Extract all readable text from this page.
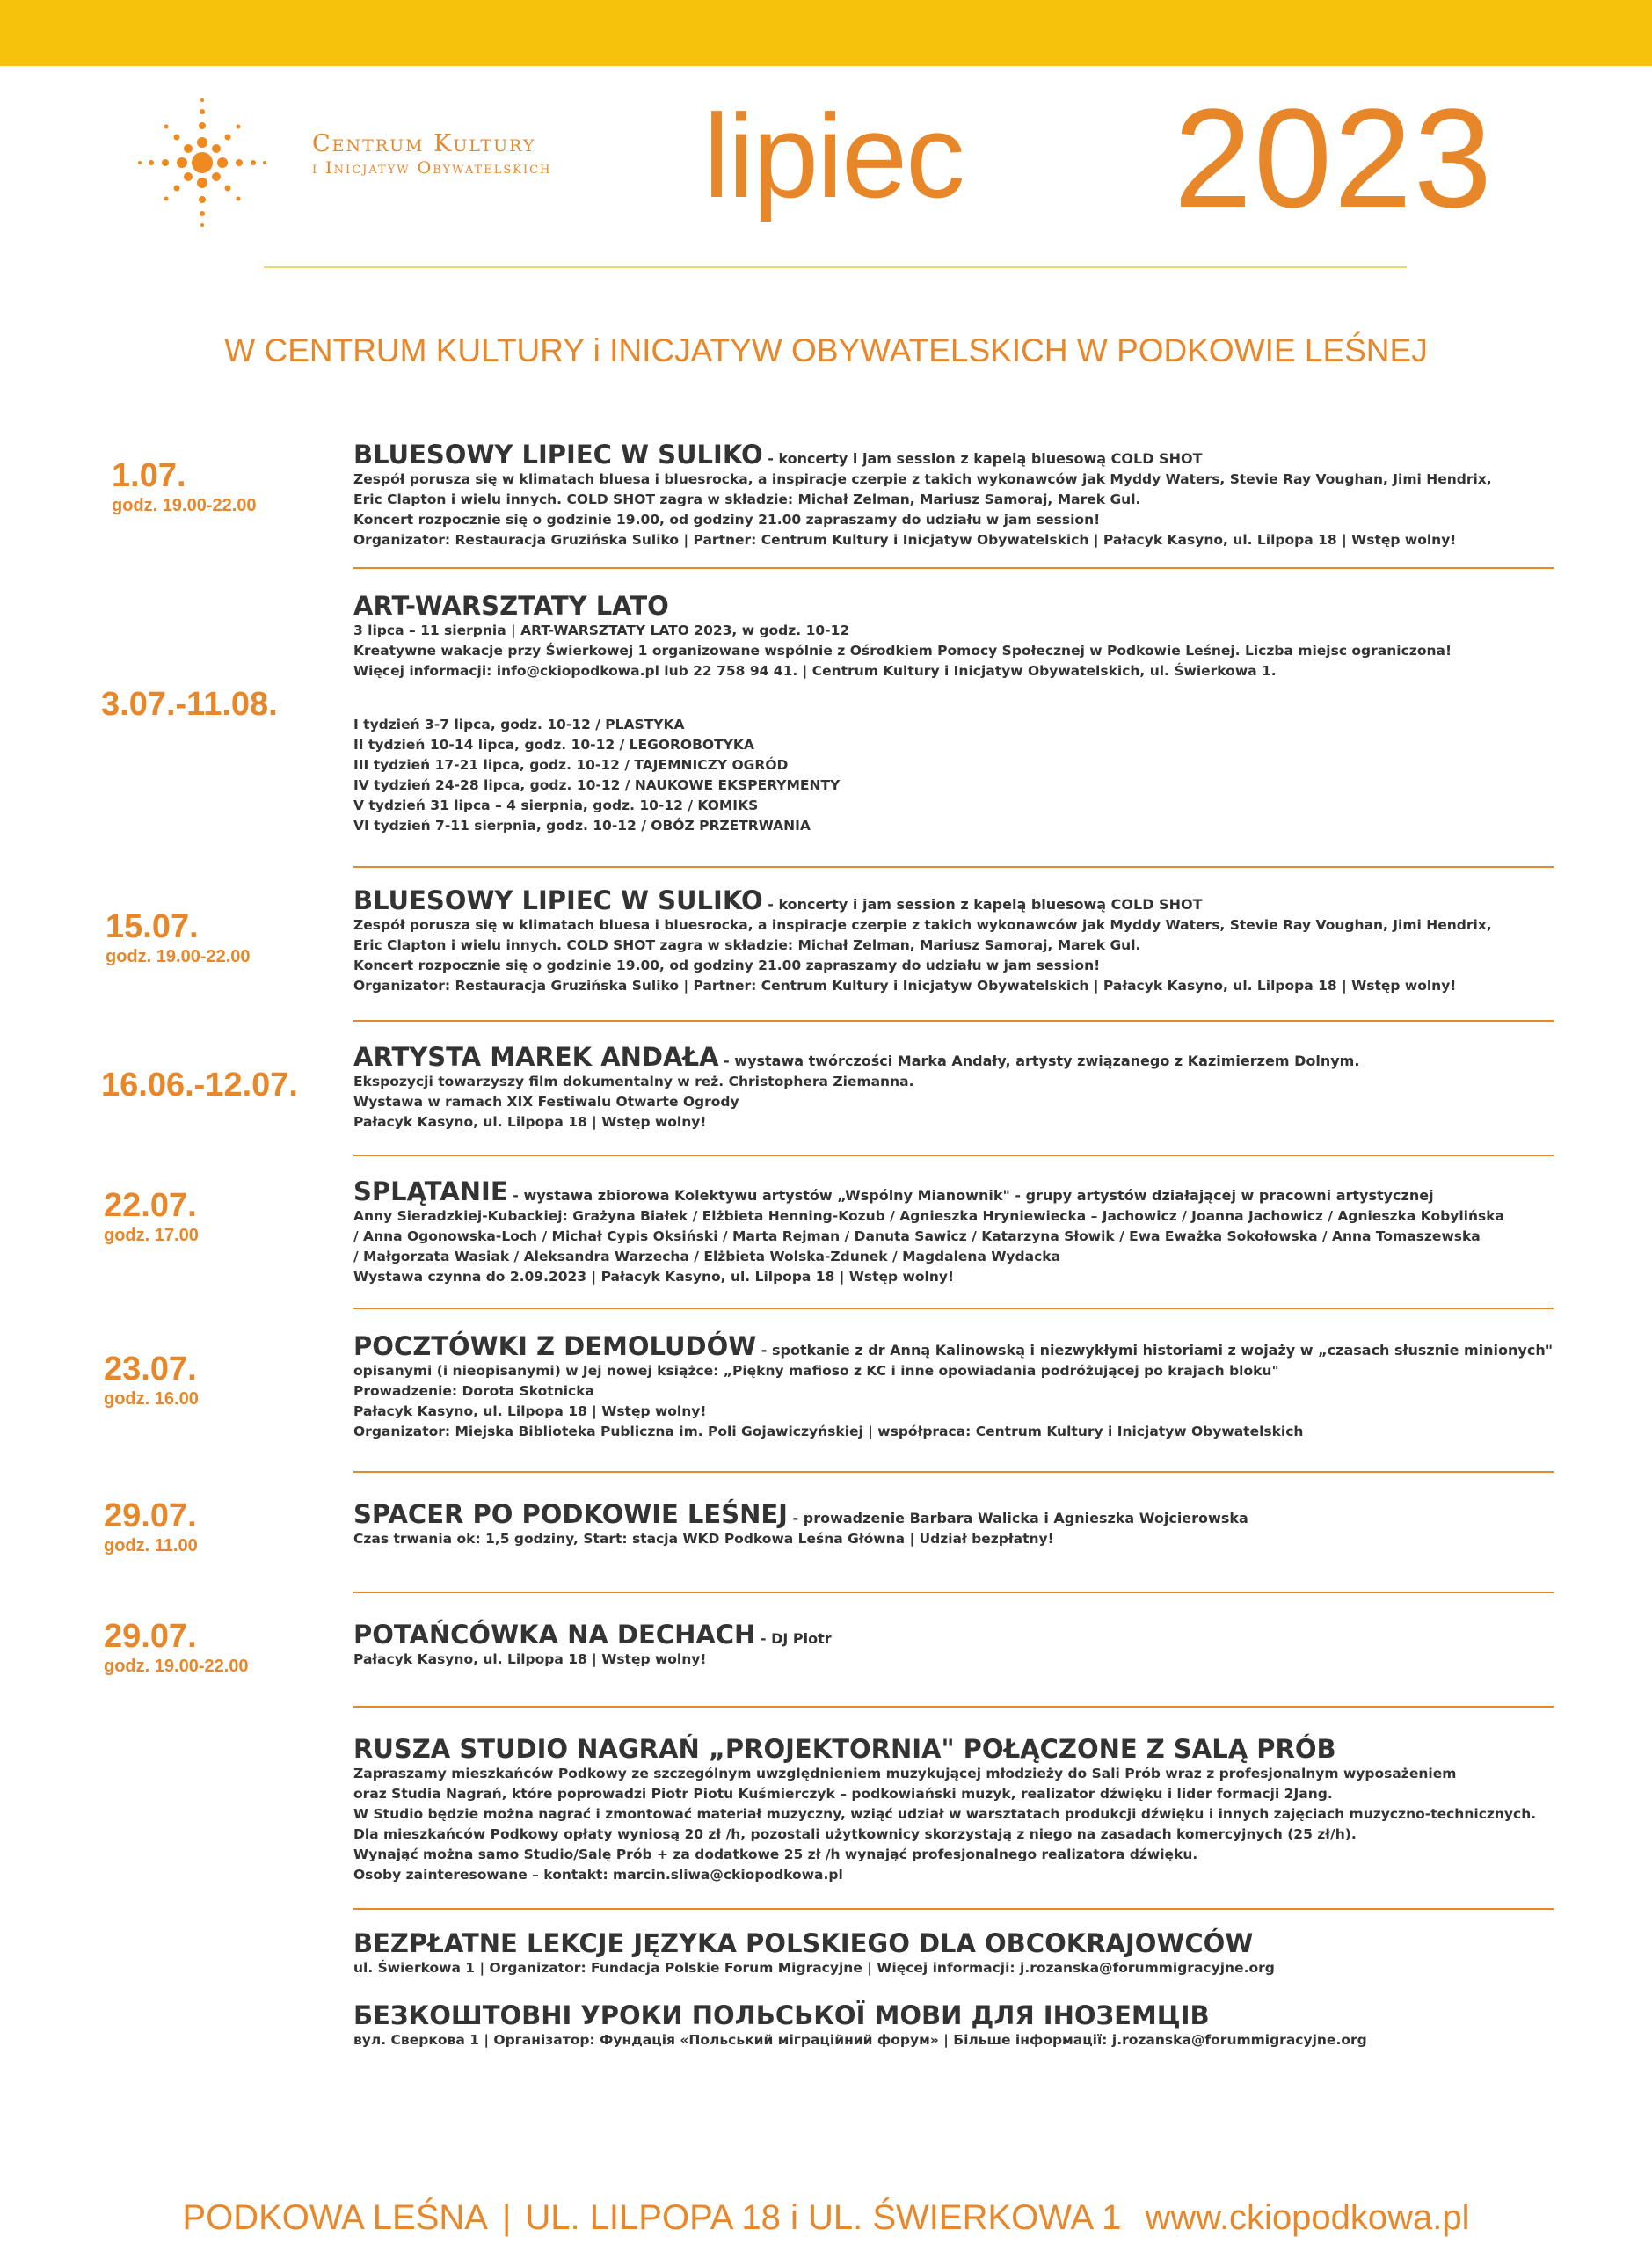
Centrum Kultury
i Inicjatyw Obywatelskich lipiec 2023
W CENTRUM KULTURY i INICJATYW OBYWATELSKICH W PODKOWIE LEŚNEJ
1.07.
godz. 19.00-22.00
BLUESOWY LIPIEC W SULIKO - koncerty i jam session z kapelą bluesową COLD SHOT
Zespół porusza się w klimatach bluesa i bluesrocka, a inspiracje czerpie z takich wykonawców jak Myddy Waters, Stevie Ray Voughan, Jimi Hendrix,
Eric Clapton i wielu innych. COLD SHOT zagra w składzie: Michał Zelman, Mariusz Samoraj, Marek Gul.
Koncert rozpocznie się o godzinie 19.00, od godziny 21.00 zapraszamy do udziału w jam session!
Organizator: Restauracja Gruzińska Suliko | Partner: Centrum Kultury i Inicjatyw Obywatelskich | Pałacyk Kasyno, ul. Lilpopa 18 | Wstęp wolny!
3.07.-11.08.
ART-WARSZTATY LATO
3 lipca – 11 sierpnia | ART-WARSZTATY LATO 2023, w godz. 10-12
Kreatywne wakacje przy Świerkowej 1 organizowane wspólnie z Ośrodkiem Pomocy Społecznej w Podkowie Leśnej. Liczba miejsc ograniczona!
Więcej informacji: info@ckiopodkowa.pl lub 22 758 94 41. | Centrum Kultury i Inicjatyw Obywatelskich, ul. Świerkowa 1.
I tydzień 3-7 lipca, godz. 10-12 / PLASTYKA
II tydzień 10-14 lipca, godz. 10-12 / LEGOROBOTYKA
III tydzień 17-21 lipca, godz. 10-12 / TAJEMNICZY OGRÓD
IV tydzień 24-28 lipca, godz. 10-12 / NAUKOWE EKSPERYMENTY
V tydzień 31 lipca – 4 sierpnia, godz. 10-12 / KOMIKS
VI tydzień 7-11 sierpnia, godz. 10-12 / OBÓZ PRZETRWANIA
15.07.
godz. 19.00-22.00
BLUESOWY LIPIEC W SULIKO - koncerty i jam session z kapelą bluesową COLD SHOT
Zespół porusza się w klimatach bluesa i bluesrocka, a inspiracje czerpie z takich wykonawców jak Myddy Waters, Stevie Ray Voughan, Jimi Hendrix,
Eric Clapton i wielu innych. COLD SHOT zagra w składzie: Michał Zelman, Mariusz Samoraj, Marek Gul.
Koncert rozpocznie się o godzinie 19.00, od godziny 21.00 zapraszamy do udziału w jam session!
Organizator: Restauracja Gruzińska Suliko | Partner: Centrum Kultury i Inicjatyw Obywatelskich | Pałacyk Kasyno, ul. Lilpopa 18 | Wstęp wolny!
16.06.-12.07.
ARTYSTA MAREK ANDAŁA - wystawa twórczości Marka Andały, artysty związanego z Kazimierzem Dolnym.
Ekspozycji towarzyszy film dokumentalny w reż. Christophera Ziemanna.
Wystawa w ramach XIX Festiwalu Otwarte Ogrody
Pałacyk Kasyno, ul. Lilpopa 18 | Wstęp wolny!
22.07.
godz. 17.00
SPLĄTANIE - wystawa zbiorowa Kolektywu artystów „Wspólny Mianownik" - grupy artystów działającej w pracowni artystycznej
Anny Sieradzkiej-Kubackiej: Grażyna Białek / Elżbieta Henning-Kozub / Agnieszka Hryniewiecka – Jachowicz / Joanna Jachowicz / Agnieszka Kobylińska
/ Anna Ogonowska-Loch / Michał Cypis Oksiński / Marta Rejman / Danuta Sawicz / Katarzyna Słowik / Ewa Eważka Sokołowska / Anna Tomaszewska
/ Małgorzata Wasiak / Aleksandra Warzecha / Elżbieta Wolska-Zdunek / Magdalena Wydacka
Wystawa czynna do 2.09.2023 | Pałacyk Kasyno, ul. Lilpopa 18 | Wstęp wolny!
23.07.
godz. 16.00
POCZTÓWKI Z DEMOLUDÓW - spotkanie z dr Anną Kalinowską i niezwykłymi historiami z wojaży w „czasach słusznie minionych"
opisanymi (i nieopisanymi) w Jej nowej książce: „Piękny mafioso z KC i inne opowiadania podróżującej po krajach bloku"
Prowadzenie: Dorota Skotnicka
Pałacyk Kasyno, ul. Lilpopa 18 | Wstęp wolny!
Organizator: Miejska Biblioteka Publiczna im. Poli Gojawiczyńskiej | współpraca: Centrum Kultury i Inicjatyw Obywatelskich
29.07.
godz. 11.00
SPACER PO PODKOWIE LEŚNEJ - prowadzenie Barbara Walicka i Agnieszka Wojcierowska
Czas trwania ok: 1,5 godziny, Start: stacja WKD Podkowa Leśna Główna | Udział bezpłatny!
29.07.
godz. 19.00-22.00
POTAŃCÓWKA NA DECHACH - DJ Piotr
Pałacyk Kasyno, ul. Lilpopa 18 | Wstęp wolny!
RUSZA STUDIO NAGRAŃ „PROJEKTORNIA" POŁĄCZONE Z SALĄ PRÓB
Zapraszamy mieszkańców Podkowy ze szczególnym uwzględnieniem muzykującej młodzieży do Sali Prób wraz z profesjonalnym wyposażeniem
oraz Studia Nagrań, które poprowadzi Piotr Piotu Kuśmierczyk – podkowiański muzyk, realizator dźwięku i lider formacji 2Jang.
W Studio będzie można nagrać i zmontować materiał muzyczny, wziąć udział w warsztatach produkcji dźwięku i innych zajęciach muzyczno-technicznych.
Dla mieszkańców Podkowy opłaty wyniosą 20 zł /h, pozostali użytkownicy skorzystają z niego na zasadach komercyjnych (25 zł/h).
Wynająć można samo Studio/Salę Prób + za dodatkowe 25 zł /h wynająć profesjonalnego realizatora dźwięku.
Osoby zainteresowane – kontakt: marcin.sliwa@ckiopodkowa.pl
BEZPŁATNE LEKCJE JĘZYKA POLSKIEGO DLA OBCOKRAJOWCÓW
ul. Świerkowa 1 | Organizator: Fundacja Polskie Forum Migracyjne | Więcej informacji: j.rozanska@forummigracyjne.org
БЕЗКОШТОВНІ УРОКИ ПОЛЬСЬКОЇ МОВИ ДЛЯ ІНОЗЕМЦІВ
вул. Сверкова 1 | Організатор: Фундація «Польський міграційний форум» | Більше інформації: j.rozanska@forummigracyjne.org
PODKOWA LEŚNA | UL. LILPOPA 18 i UL. ŚWIERKOWA 1 www.ckiopodkowa.pl
